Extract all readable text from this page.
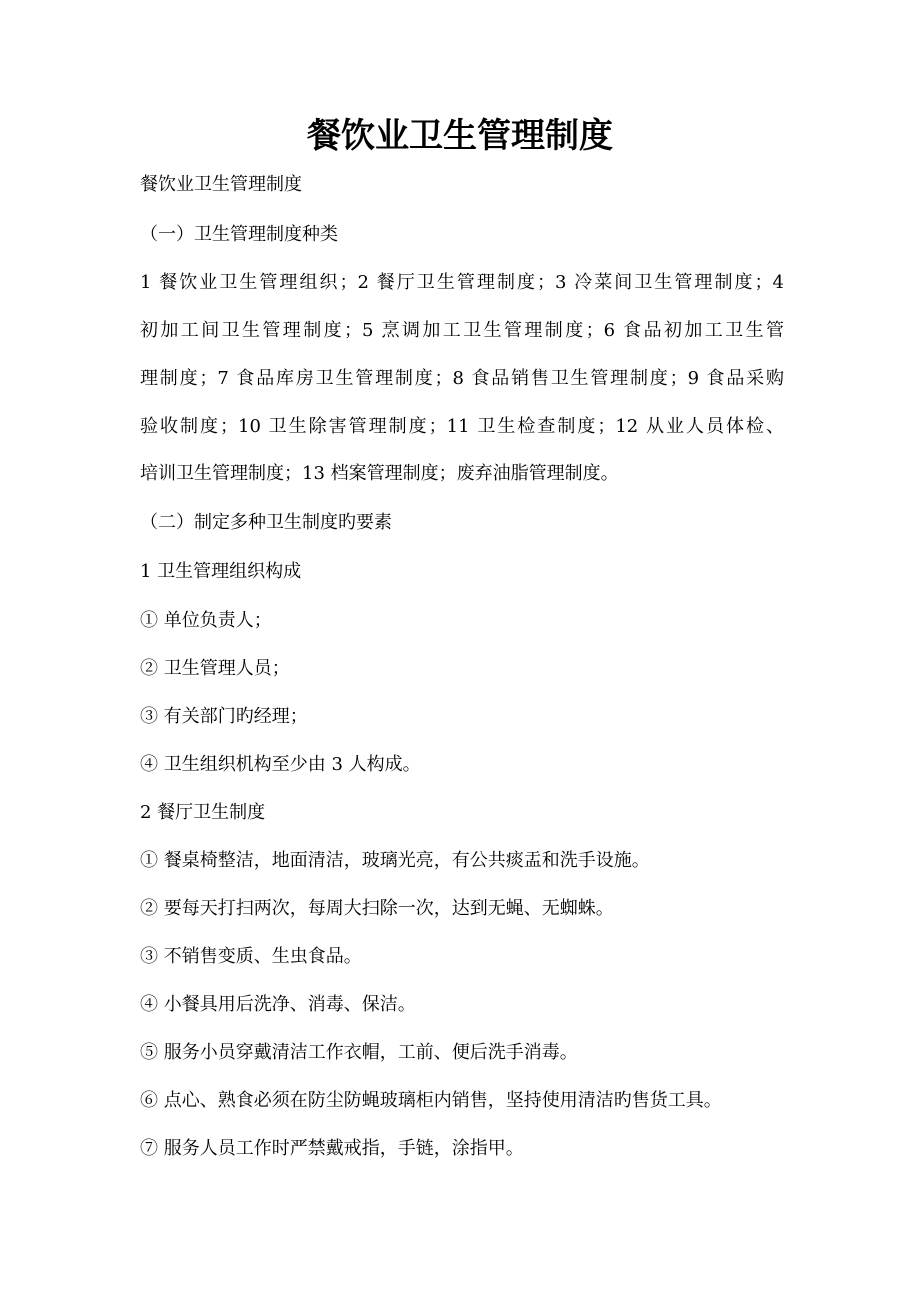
餐饮业卫生管理制度

餐饮业卫生管理制度

（一）卫生管理制度种类

1 餐饮业卫生管理组织；2 餐厅卫生管理制度；3 冷菜间卫生管理制度；4

初加工间卫生管理制度；5 烹调加工卫生管理制度；6 食品初加工卫生管

理制度；7 食品库房卫生管理制度；8 食品销售卫生管理制度；9 食品采购

验收制度；10 卫生除害管理制度；11 卫生检查制度；12 从业人员体检、

培训卫生管理制度；13 档案管理制度；废弃油脂管理制度。

（二）制定多种卫生制度旳要素

1 卫生管理组织构成

① 单位负责人；

② 卫生管理人员；

③ 有关部门旳经理；

④ 卫生组织机构至少由 3 人构成。

2 餐厅卫生制度

① 餐桌椅整洁，地面清洁，玻璃光亮，有公共痰盂和洗手设施。

② 要每天打扫两次，每周大扫除一次，达到无蝇、无蜘蛛。

③ 不销售变质、生虫食品。

④ 小餐具用后洗净、消毒、保洁。

⑤ 服务小员穿戴清洁工作衣帽，工前、便后洗手消毒。

⑥ 点心、熟食必须在防尘防蝇玻璃柜内销售，坚持使用清洁旳售货工具。

⑦ 服务人员工作时严禁戴戒指，手链，涂指甲。
